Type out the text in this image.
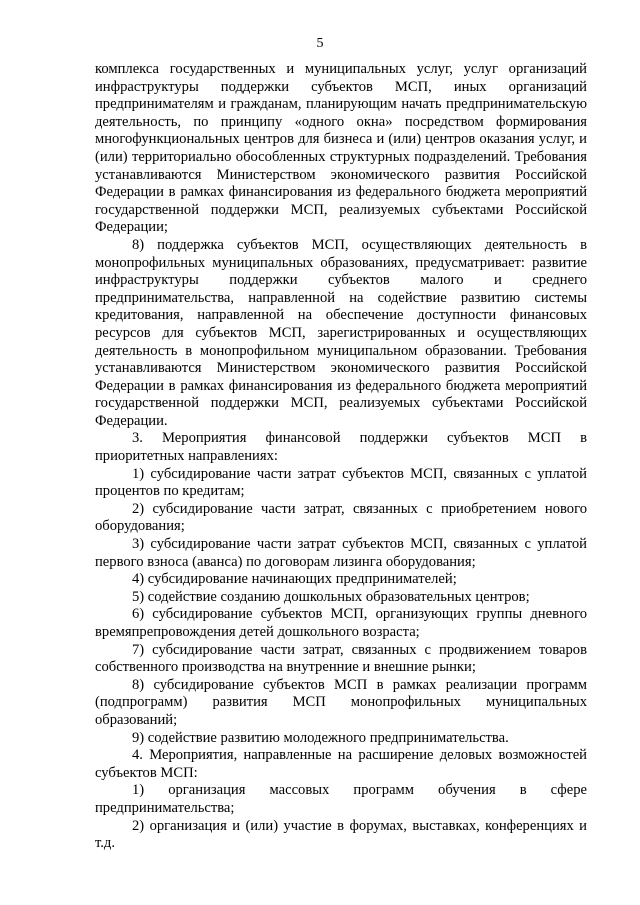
5

комплекса государственных и муниципальных услуг, услуг организаций инфраструктуры поддержки субъектов МСП, иных организаций предпринимателям и гражданам, планирующим начать предпринимательскую деятельность, по принципу «одного окна» посредством формирования многофункциональных центров для бизнеса и (или) центров оказания услуг, и (или) территориально обособленных структурных подразделений. Требования устанавливаются Министерством экономического развития Российской Федерации в рамках финансирования из федерального бюджета мероприятий государственной поддержки МСП, реализуемых субъектами Российской Федерации;

8) поддержка субъектов МСП, осуществляющих деятельность в монопрофильных муниципальных образованиях, предусматривает: развитие инфраструктуры поддержки субъектов малого и среднего предпринимательства, направленной на содействие развитию системы кредитования, направленной на обеспечение доступности финансовых ресурсов для субъектов МСП, зарегистрированных и осуществляющих деятельность в монопрофильном муниципальном образовании. Требования устанавливаются Министерством экономического развития Российской Федерации в рамках финансирования из федерального бюджета мероприятий государственной поддержки МСП, реализуемых субъектами Российской Федерации.

3. Мероприятия финансовой поддержки субъектов МСП в приоритетных направлениях:

1) субсидирование части затрат субъектов МСП, связанных с уплатой процентов по кредитам;

2) субсидирование части затрат, связанных с приобретением нового оборудования;

3) субсидирование части затрат субъектов МСП, связанных с уплатой первого взноса (аванса) по договорам лизинга оборудования;

4) субсидирование начинающих предпринимателей;

5) содействие созданию дошкольных образовательных центров;

6) субсидирование субъектов МСП, организующих группы дневного времяпрепровождения детей дошкольного возраста;

7) субсидирование части затрат, связанных с продвижением товаров собственного производства на внутренние и внешние рынки;

8) субсидирование субъектов МСП в рамках реализации программ (подпрограмм) развития МСП монопрофильных муниципальных образований;

9) содействие развитию молодежного предпринимательства.

4. Мероприятия, направленные на расширение деловых возможностей субъектов МСП:

1) организация массовых программ обучения в сфере предпринимательства;

2) организация и (или) участие в форумах, выставках, конференциях и т.д.
